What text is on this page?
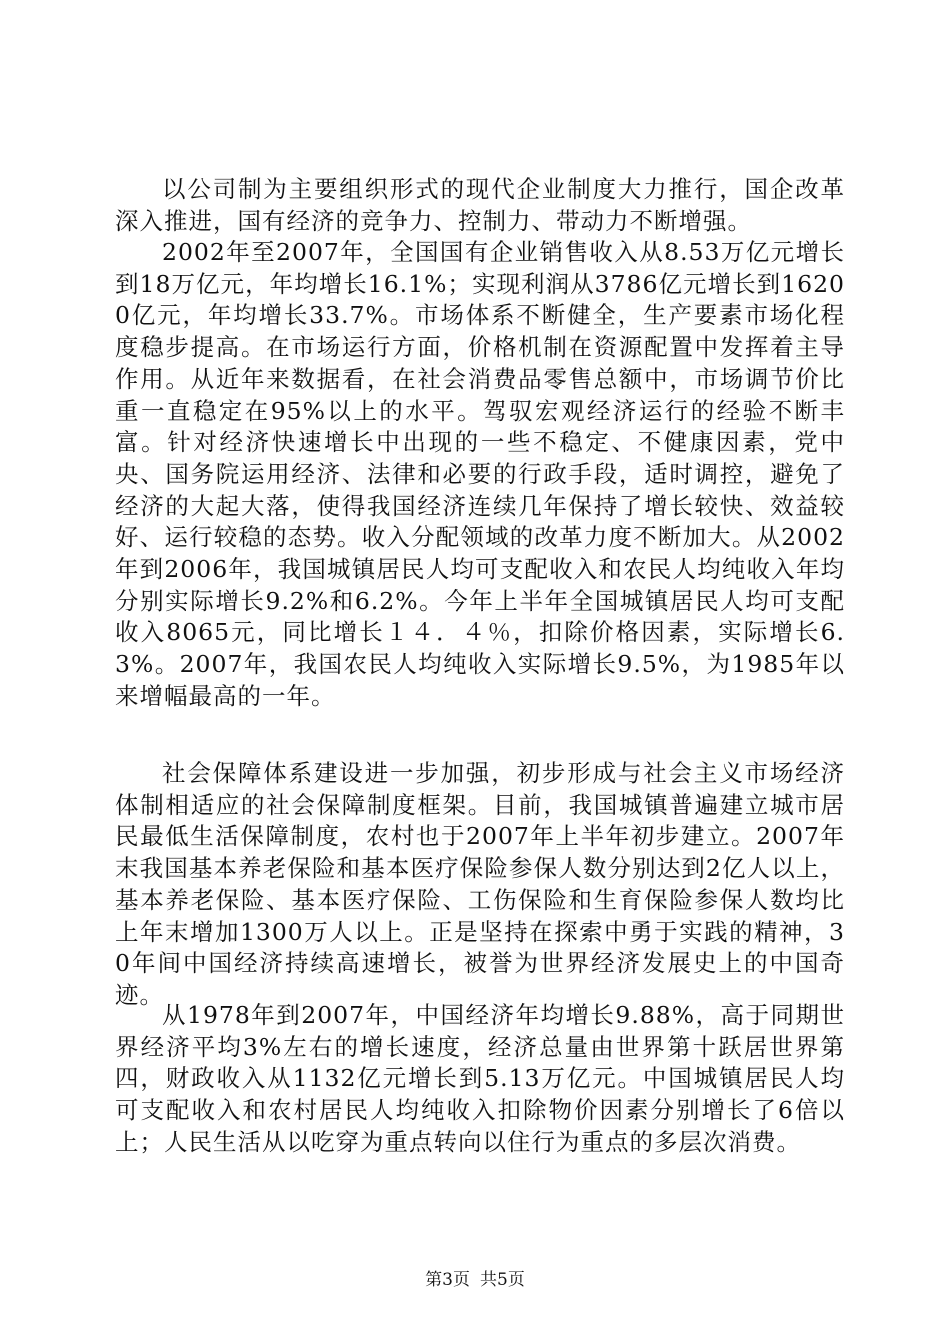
以公司制为主要组织形式的现代企业制度大力推行，国企改革深入推进，国有经济的竞争力、控制力、带动力不断增强。

2002年至2007年，全国国有企业销售收入从8.53万亿元增长到18万亿元，年均增长16.1%；实现利润从3786亿元增长到16200亿元，年均增长33.7%。市场体系不断健全，生产要素市场化程度稳步提高。在市场运行方面，价格机制在资源配置中发挥着主导作用。从近年来数据看，在社会消费品零售总额中，市场调节价比重一直稳定在95%以上的水平。驾驭宏观经济运行的经验不断丰富。针对经济快速增长中出现的一些不稳定、不健康因素，党中央、国务院运用经济、法律和必要的行政手段，适时调控，避免了经济的大起大落，使得我国经济连续几年保持了增长较快、效益较好、运行较稳的态势。收入分配领域的改革力度不断加大。从2002年到2006年，我国城镇居民人均可支配收入和农民人均纯收入年均分别实际增长9.2%和6.2%。今年上半年全国城镇居民人均可支配收入8065元，同比增长１４．４％，扣除价格因素，实际增长6.3%。2007年，我国农民人均纯收入实际增长9.5%，为1985年以来增幅最高的一年。

社会保障体系建设进一步加强，初步形成与社会主义市场经济体制相适应的社会保障制度框架。目前，我国城镇普遍建立城市居民最低生活保障制度，农村也于2007年上半年初步建立。2007年末我国基本养老保险和基本医疗保险参保人数分别达到2亿人以上，基本养老保险、基本医疗保险、工伤保险和生育保险参保人数均比上年末增加1300万人以上。正是坚持在探索中勇于实践的精神，30年间中国经济持续高速增长，被誉为世界经济发展史上的中国奇迹。

从1978年到2007年，中国经济年均增长9.88%，高于同期世界经济平均3%左右的增长速度，经济总量由世界第十跃居世界第四，财政收入从1132亿元增长到5.13万亿元。中国城镇居民人均可支配收入和农村居民人均纯收入扣除物价因素分别增长了6倍以上；人民生活从以吃穿为重点转向以住行为重点的多层次消费。

第3页 共5页
